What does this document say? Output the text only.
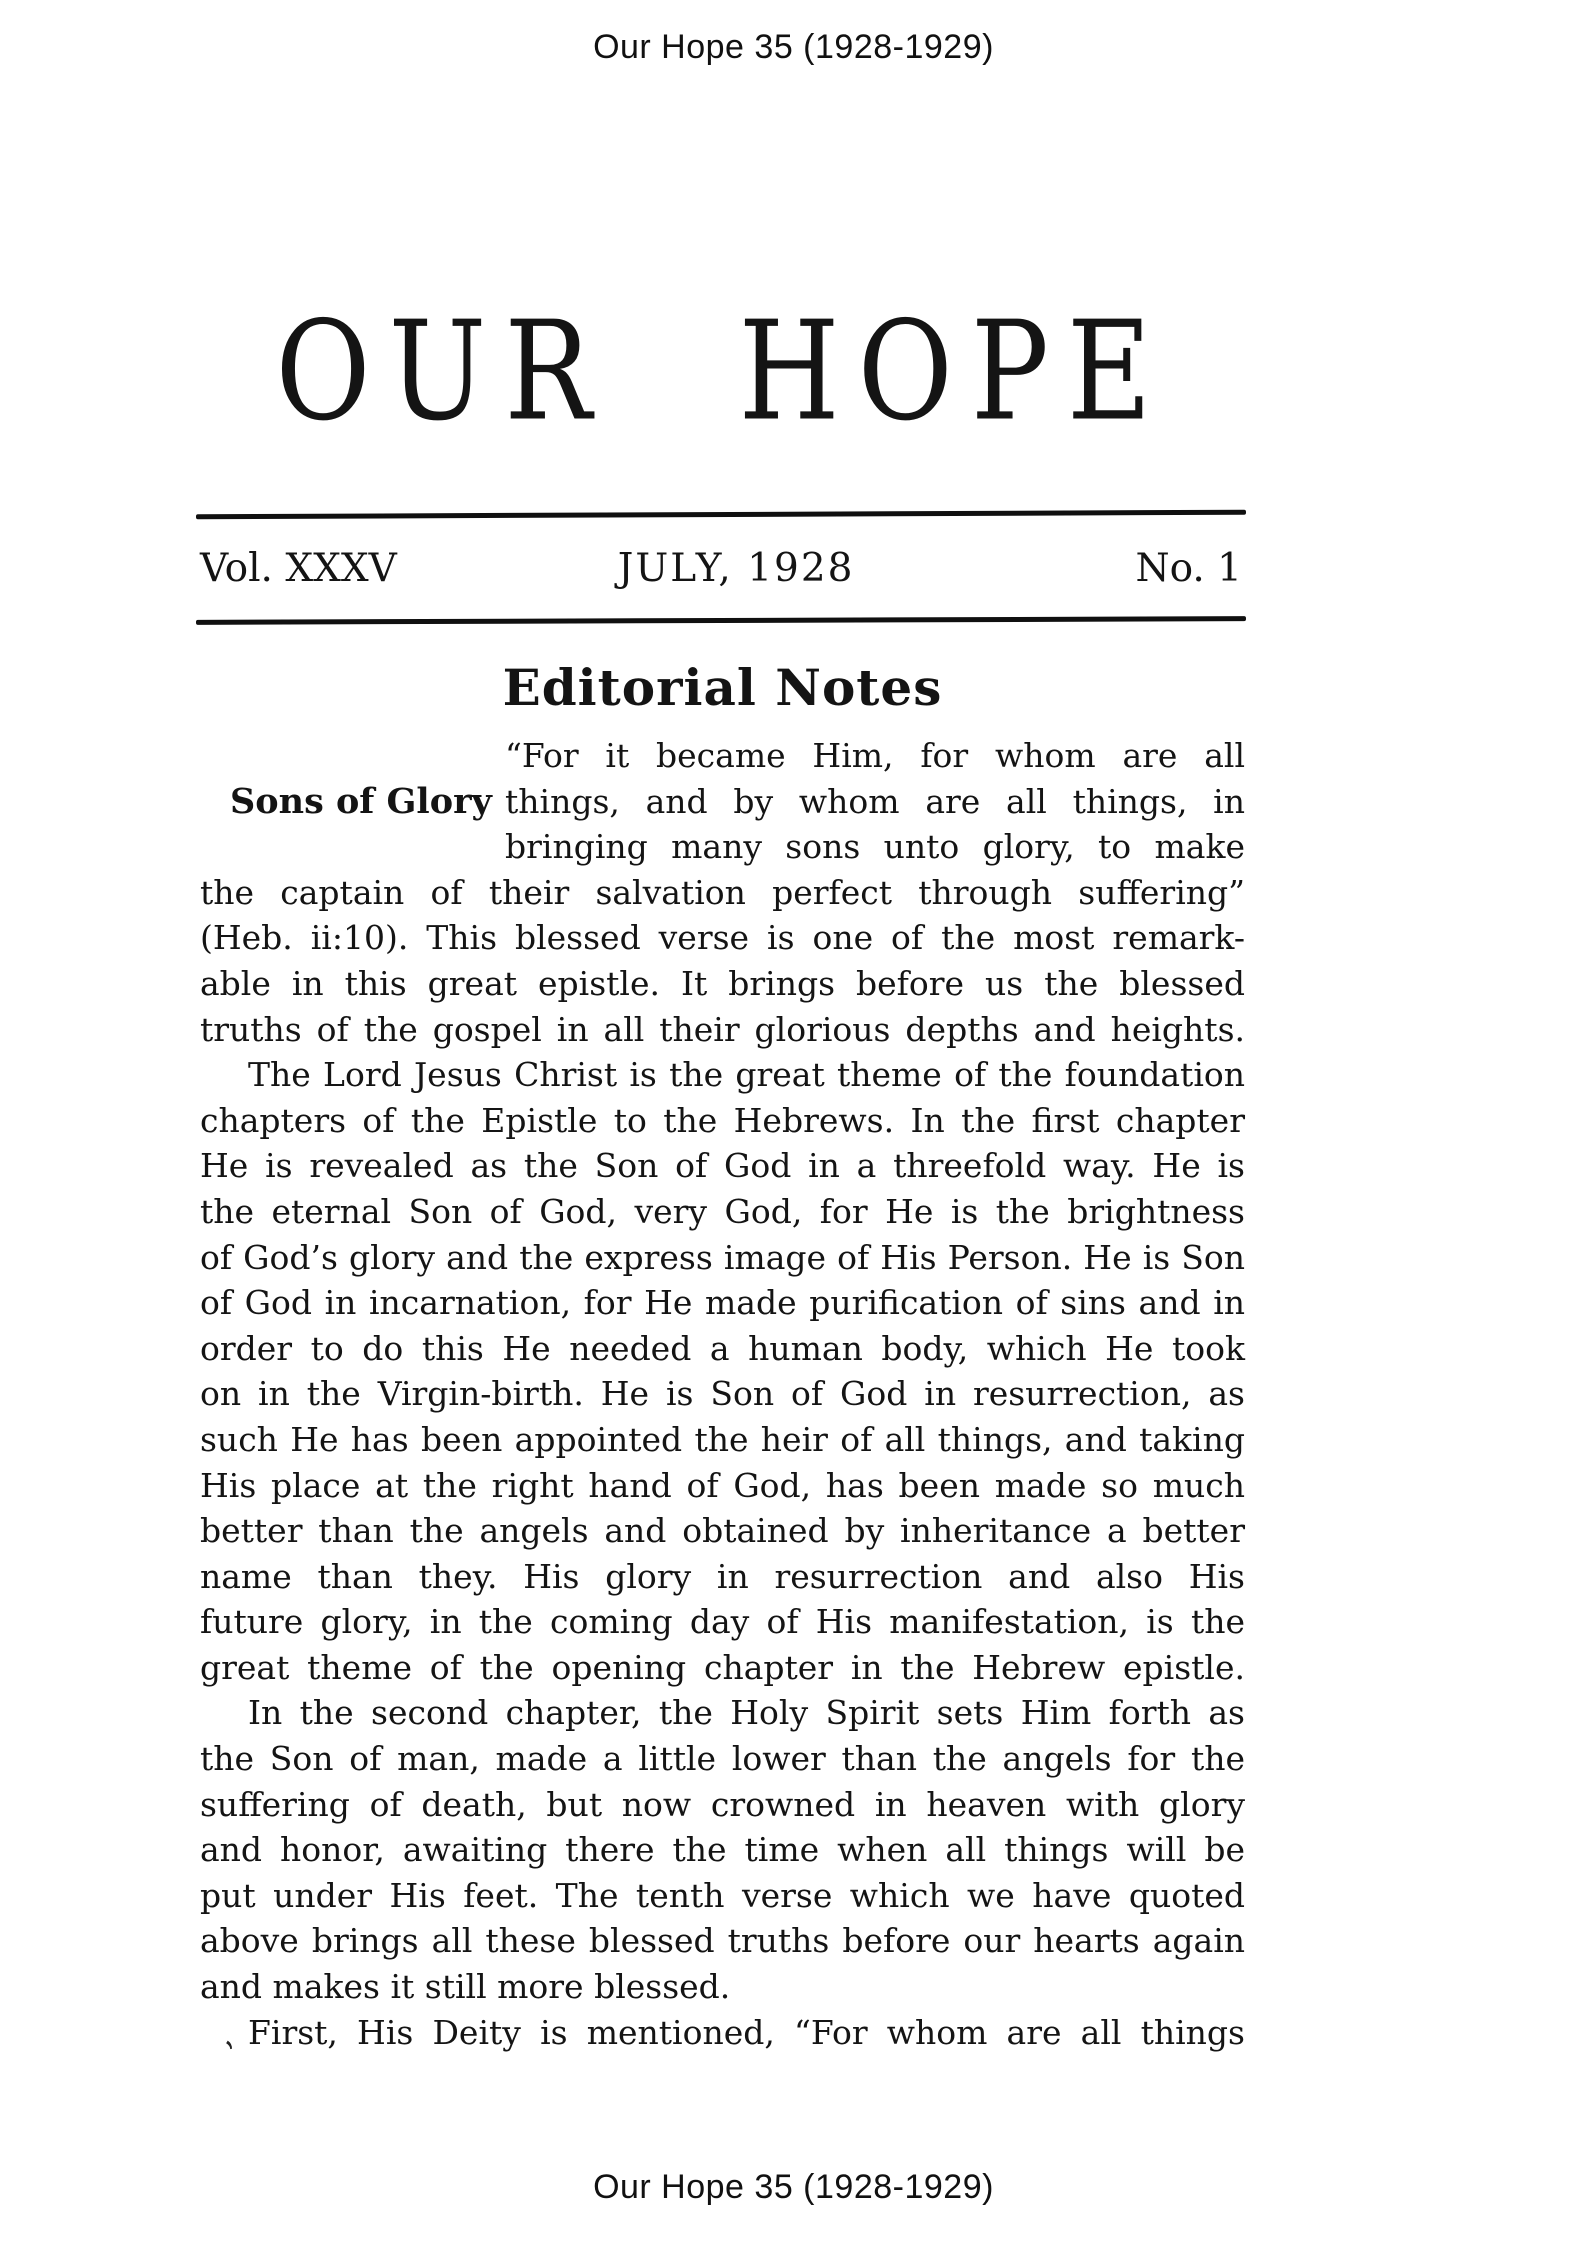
Our Hope 35 (1928-1929)
OUR HOPE
Vol. XXXV	JULY, 1928	No. 1
Editorial Notes
Sons of Glory
“For it became Him, for whom are all
things, and by whom are all things, in
bringing many sons unto glory, to make
the captain of their salvation perfect through suffering”
(Heb. ii:10). This blessed verse is one of the most remark-
able in this great epistle. It brings before us the blessed
truths of the gospel in all their glorious depths and heights.
The Lord Jesus Christ is the great theme of the foundation
chapters of the Epistle to the Hebrews. In the first chapter
He is revealed as the Son of God in a threefold way. He is
the eternal Son of God, very God, for He is the brightness
of God’s glory and the express image of His Person. He is Son
of God in incarnation, for He made purification of sins and in
order to do this He needed a human body, which He took
on in the Virgin-birth. He is Son of God in resurrection, as
such He has been appointed the heir of all things, and taking
His place at the right hand of God, has been made so much
better than the angels and obtained by inheritance a better
name than they. His glory in resurrection and also His
future glory, in the coming day of His manifestation, is the
great theme of the opening chapter in the Hebrew epistle.
In the second chapter, the Holy Spirit sets Him forth as
the Son of man, made a little lower than the angels for the
suffering of death, but now crowned in heaven with glory
and honor, awaiting there the time when all things will be
put under His feet. The tenth verse which we have quoted
above brings all these blessed truths before our hearts again
and makes it still more blessed.
, First, His Deity is mentioned, “For whom are all things
Our Hope 35 (1928-1929)
